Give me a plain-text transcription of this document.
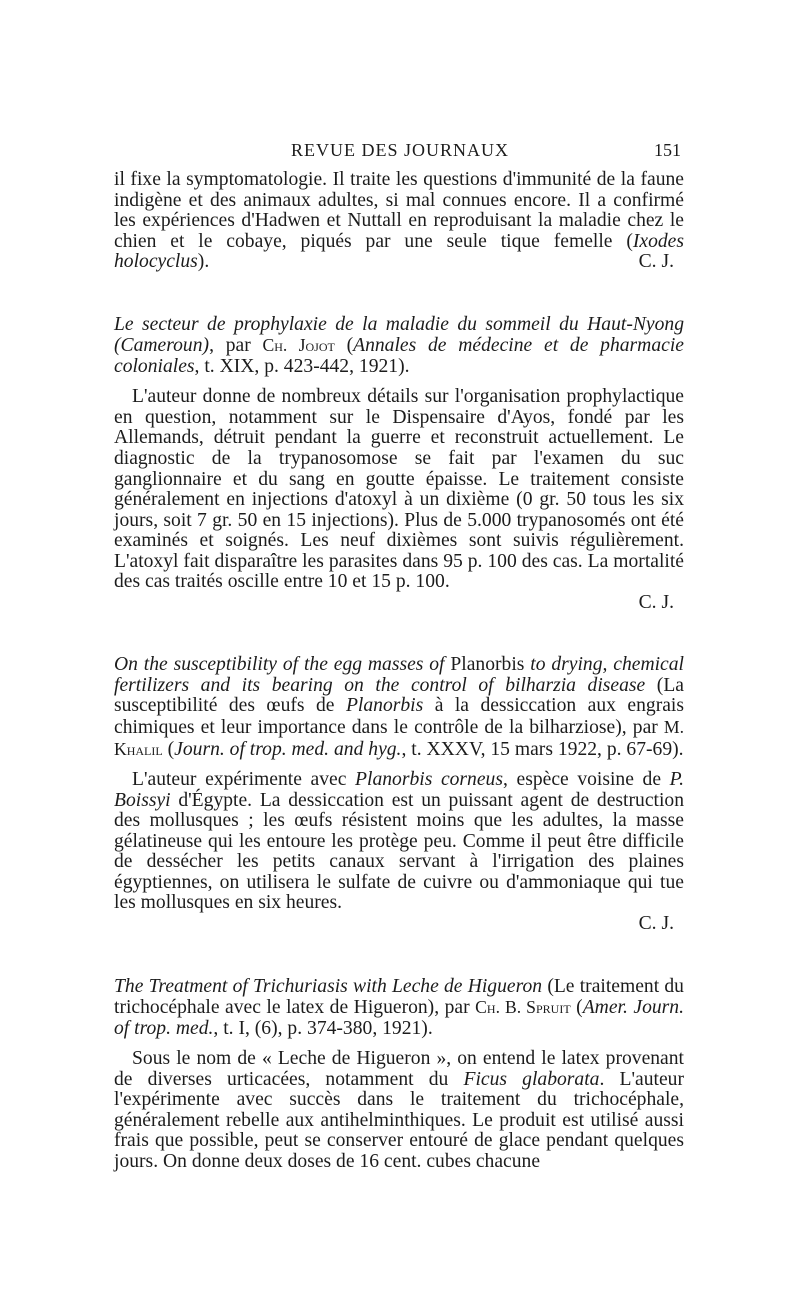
REVUE DES JOURNAUX	151

il fixe la symptomatologie. Il traite les questions d'immunité de la faune indigène et des animaux adultes, si mal connues encore. Il a confirmé les expériences d'Hadwen et Nuttall en reproduisant la maladie chez le chien et le cobaye, piqués par une seule tique femelle (Ixodes holocyclus).	C. J.

Le secteur de prophylaxie de la maladie du sommeil du Haut-Nyong (Cameroun), par Ch. Jojot (Annales de médecine et de pharmacie coloniales, t. XIX, p. 423-442, 1921).

L'auteur donne de nombreux détails sur l'organisation prophylactique en question, notamment sur le Dispensaire d'Ayos, fondé par les Allemands, détruit pendant la guerre et reconstruit actuellement. Le diagnostic de la trypanosomose se fait par l'examen du suc ganglionnaire et du sang en goutte épaisse. Le traitement consiste généralement en injections d'atoxyl à un dixième (0 gr. 50 tous les six jours, soit 7 gr. 50 en 15 injections). Plus de 5.000 trypanosomés ont été examinés et soignés. Les neuf dixièmes sont suivis régulièrement. L'atoxyl fait disparaître les parasites dans 95 p. 100 des cas. La mortalité des cas traités oscille entre 10 et 15 p. 100.

C. J.

On the susceptibility of the egg masses of Planorbis to drying, chemical fertilizers and its bearing on the control of bilharzia disease (La susceptibilité des œufs de Planorbis à la dessiccation aux engrais chimiques et leur importance dans le contrôle de la bilharziose), par M. Khalil (Journ. of trop. med. and hyg., t. XXXV, 15 mars 1922, p. 67-69).

L'auteur expérimente avec Planorbis corneus, espèce voisine de P. Boissyi d'Égypte. La dessiccation est un puissant agent de destruction des mollusques ; les œufs résistent moins que les adultes, la masse gélatineuse qui les entoure les protège peu. Comme il peut être difficile de dessécher les petits canaux servant à l'irrigation des plaines égyptiennes, on utilisera le sulfate de cuivre ou d'ammoniaque qui tue les mollusques en six heures.

C. J.

The Treatment of Trichuriasis with Leche de Higueron (Le traitement du trichocéphale avec le latex de Higueron), par Ch. B. Spruit (Amer. Journ. of trop. med., t. I, (6), p. 374-380, 1921).

Sous le nom de « Leche de Higueron », on entend le latex provenant de diverses urticacées, notamment du Ficus glaborata. L'auteur l'expérimente avec succès dans le traitement du trichocéphale, généralement rebelle aux antihelminthiques. Le produit est utilisé aussi frais que possible, peut se conserver entouré de glace pendant quelques jours. On donne deux doses de 16 cent. cubes chacune
